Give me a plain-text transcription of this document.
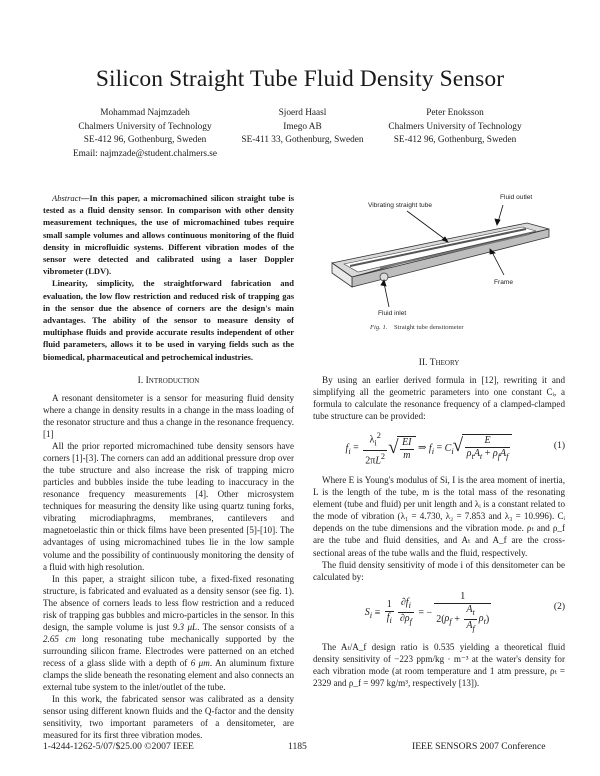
Silicon Straight Tube Fluid Density Sensor
Mohammad Najmzadeh
Chalmers University of Technology
SE-412 96, Gothenburg, Sweden
Email: najmzade@student.chalmers.se
Sjoerd Haasl
Imego AB
SE-411 33, Gothenburg, Sweden
Peter Enoksson
Chalmers University of Technology
SE-412 96, Gothenburg, Sweden

Abstract—In this paper, a micromachined silicon straight tube is tested as a fluid density sensor. In comparison with other density measurement techniques, the use of micromachined tubes require small sample volumes and allows continuous monitoring of the fluid density in microfluidic systems. Different vibration modes of the sensor were detected and calibrated using a laser Doppler vibrometer (LDV).

Linearity, simplicity, the straightforward fabrication and evaluation, the low flow restriction and reduced risk of trapping gas in the sensor due the absence of corners are the design's main advantages. The ability of the sensor to measure density of multiphase fluids and provide accurate results independent of other fluid parameters, allows it to be used in varying fields such as the biomedical, pharmaceutical and petrochemical industries.

I. Introduction

A resonant densitometer is a sensor for measuring fluid density where a change in density results in a change in the mass loading of the resonator structure and thus a change in the resonance frequency. [1]

All the prior reported micromachined tube density sensors have corners [1]-[3]. The corners can add an additional pressure drop over the tube structure and also increase the risk of trapping micro particles and bubbles inside the tube leading to inaccuracy in the resonance frequency measurements [4]. Other microsystem techniques for measuring the density like using quartz tuning forks, vibrating microdiaphragms, membranes, cantilevers and magnetoelastic thin or thick films have been presented [5]-[10]. The advantages of using micromachined tubes lie in the low sample volume and the possibility of continuously monitoring the density of a fluid with high resolution.

In this paper, a straight silicon tube, a fixed-fixed resonating structure, is fabricated and evaluated as a density sensor (see fig. 1). The absence of corners leads to less flow restriction and a reduced risk of trapping gas bubbles and micro-particles in the sensor. In this design, the sample volume is just 9.3 μL. The sensor consists of a 2.65 cm long resonating tube mechanically supported by the surrounding silicon frame. Electrodes were patterned on an etched recess of a glass slide with a depth of 6 μm. An aluminum fixture clamps the slide beneath the resonating element and also connects an external tube system to the inlet/outlet of the tube.

In this work, the fabricated sensor was calibrated as a density sensor using different known fluids and the Q-factor and the density sensitivity, two important parameters of a densitometer, are measured for its first three vibration modes.

Fluid outlet
Vibrating straight tube
Frame
Fluid inlet
Fig. 1. Straight tube densitometer
II. Theory

By using an earlier derived formula in [12], rewriting it and simplifying all the geometric parameters into one constant Cᵢ, a formula to calculate the resonance frequency of a clamped-clamped tube structure can be provided:

$f_i = \frac{\lambda_i^2}{2\pi L^2}$ √ $\frac{EI}{m}$ ⇒ $f_i = C_i$ √ $\frac{E}{\rho_tA_t + \rho_fA_f}$	(1)

Where E is Young's modulus of Si, I is the area moment of inertia, L is the length of the tube, m is the total mass of the resonating element (tube and fluid) per unit length and λᵢ is a constant related to the mode of vibration (λ₁ = 4.730, λ₂ = 7.853 and λ₃ = 10.996). Cᵢ depends on the tube dimensions and the vibration mode. ρₜ and ρ_f are the tube and fluid densities, and Aₜ and A_f are the cross-sectional areas of the tube walls and the fluid, respectively.

The fluid density sensitivity of mode i of this densitometer can be calculated by:

$S_i \equiv \frac{1}{f_i} \frac{\partial f_i}{\partial\rho_f}$ = − $\frac{1}{2(\rho_f + \frac{A_t}{A_f} \rho_t)}$	(2)

The Aₜ/A_f design ratio is 0.535 yielding a theoretical fluid density sensitivity of −223 ppm/kg · m⁻³ at the water's density for each vibration mode (at room temperature and 1 atm pressure, ρₜ = 2329 and ρ_f = 997 kg/m³, respectively [13]).

1-4244-1262-5/07/$25.00 ©2007 IEEE	1185	IEEE SENSORS 2007 Conference
